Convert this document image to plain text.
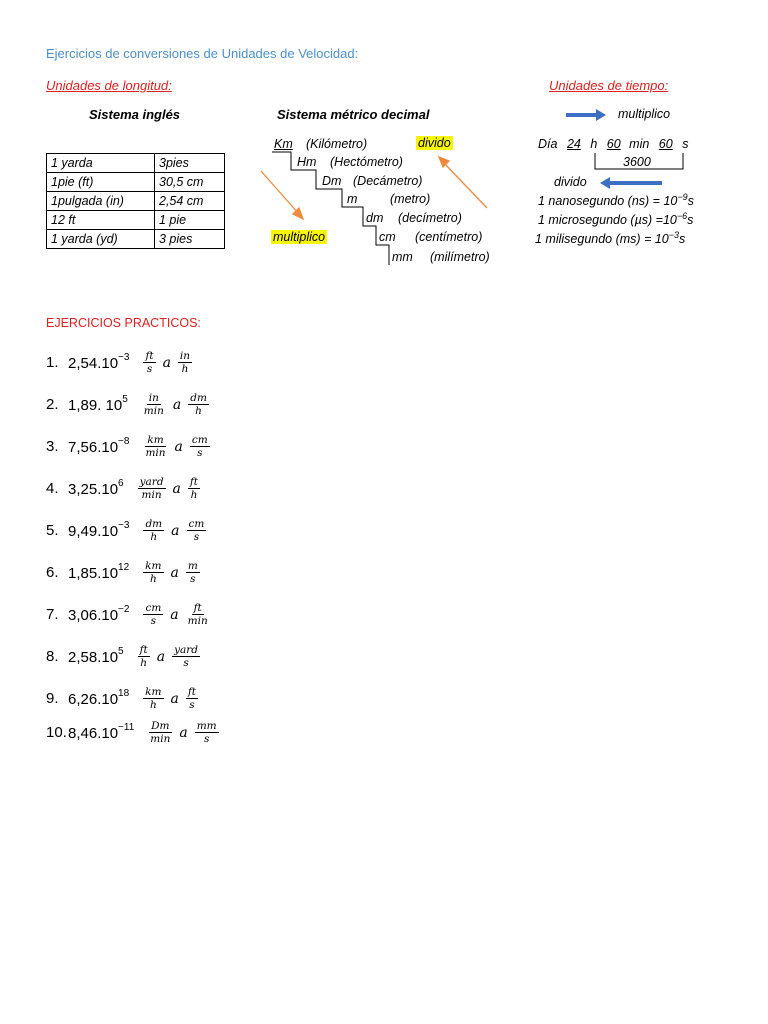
Ejercicios de conversiones de Unidades de Velocidad:
Unidades de longitud:	Unidades de tiempo:
Sistema inglés	Sistema métrico decimal
1 yarda	3pies
1pie (ft)	30,5 cm
1pulgada (in)	2,54 cm
12 ft	1 pie
1 yarda (yd)	3 pies
Km (Kilómetro)	divido
Hm (Hectómetro)
Dm (Decámetro)
m	(metro)
dm (decímetro)
multiplico	cm (centímetro)
mm (milímetro)
multiplico
Día 24 h 60 min 60 s
3600
divido
1 nanosegundo $(ns) = 10^{-9}s$
1 microsegundo $(\mu s) =10^{-6}s$
1 milisegundo $(ms) = 10^{-3}s$
EJERCICIOS PRACTICOS:
1. $2,54.10^{-3} \frac{ft}{s}$ a $\frac{in}{h}$
2. 1,89. $10^5 \frac{in}{\min}$ a $\frac{dm}{h}$
3. $7,56.10^{-8} \frac{km}{\min}$ a $\frac{cm}{s}$
4. $3,25.10^6 \frac{\text{yard}}{\min}$ a $\frac{ft}{h}$
5. $9,49.10^{-3} \frac{dm}{h}$ a $\frac{cm}{s}$
6. $1,85.10^{12} \frac{km}{h}$ a $\frac{m}{s}$
7. $3,06.10^{-2} \frac{cm}{s}$ a $\frac{ft}{\min}$
8. $2,58.10^5 \frac{ft}{h}$ a $\frac{\text{yard}}{s}$
9. $6,26.10^{18} \frac{km}{h}$ a $\frac{ft}{s}$
10. $8,46.10^{-11} \frac{Dm}{\min}$ a $\frac{mm}{s}$
